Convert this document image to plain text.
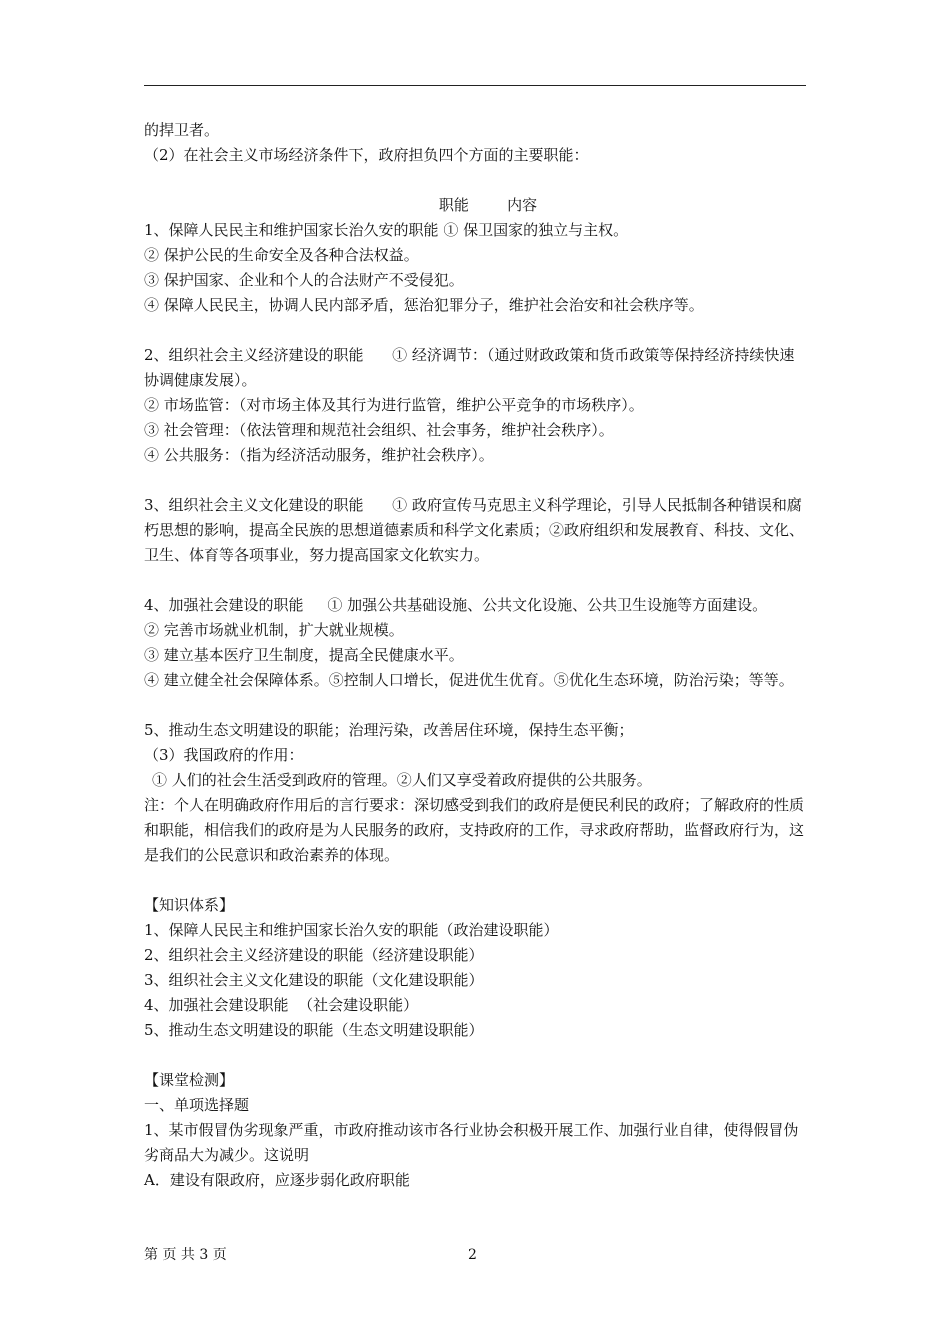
的捍卫者。
（2）在社会主义市场经济条件下，政府担负四个方面的主要职能：
职能        内容
1、保障人民民主和维护国家长治久安的职能 ① 保卫国家的独立与主权。
② 保护公民的生命安全及各种合法权益。
③ 保护国家、企业和个人的合法财产不受侵犯。
④ 保障人民民主，协调人民内部矛盾，惩治犯罪分子，维护社会治安和社会秩序等。
2、组织社会主义经济建设的职能      ① 经济调节：（通过财政政策和货币政策等保持经济持续快速协调健康发展）。
② 市场监管：（对市场主体及其行为进行监管，维护公平竞争的市场秩序）。
③ 社会管理：（依法管理和规范社会组织、社会事务，维护社会秩序）。
④ 公共服务：（指为经济活动服务，维护社会秩序）。
3、组织社会主义文化建设的职能      ① 政府宣传马克思主义科学理论，引导人民抵制各种错误和腐朽思想的影响，提高全民族的思想道德素质和科学文化素质；②政府组织和发展教育、科技、文化、卫生、体育等各项事业，努力提高国家文化软实力。
4、加强社会建设的职能     ① 加强公共基础设施、公共文化设施、公共卫生设施等方面建设。
② 完善市场就业机制，扩大就业规模。
③ 建立基本医疗卫生制度，提高全民健康水平。
④ 建立健全社会保障体系。⑤控制人口增长，促进优生优育。⑤优化生态环境，防治污染；等等。
5、推动生态文明建设的职能；治理污染，改善居住环境，保持生态平衡；
（3）我国政府的作用：
① 人们的社会生活受到政府的管理。②人们又享受着政府提供的公共服务。
注：个人在明确政府作用后的言行要求：深切感受到我们的政府是便民利民的政府；了解政府的性质和职能，相信我们的政府是为人民服务的政府，支持政府的工作，寻求政府帮助，监督政府行为，这是我们的公民意识和政治素养的体现。
【知识体系】
1、保障人民民主和维护国家长治久安的职能（政治建设职能）
2、组织社会主义经济建设的职能（经济建设职能）
3、组织社会主义文化建设的职能（文化建设职能）
4、加强社会建设职能  （社会建设职能）
5、推动生态文明建设的职能（生态文明建设职能）
【课堂检测】
一、单项选择题
1、某市假冒伪劣现象严重，市政府推动该市各行业协会积极开展工作、加强行业自律，使得假冒伪劣商品大为减少。这说明
A．建设有限政府，应逐步弱化政府职能
第 页 共 3 页	2
